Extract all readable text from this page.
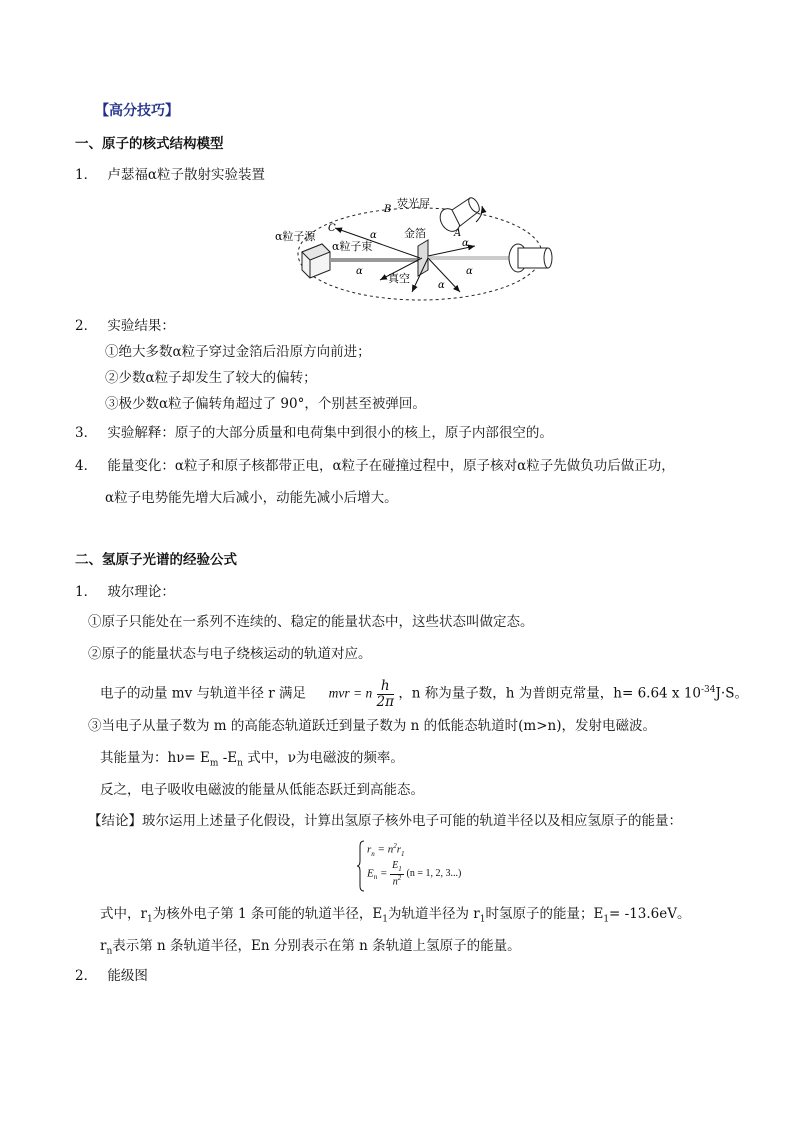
【高分技巧】
一、原子的核式结构模型
1． 卢瑟福α粒子散射实验装置
荧光屏
B
C	A
α粒子源
α粒子束
金箔
真空
α
α	α
α
α
2． 实验结果：
①绝大多数α粒子穿过金箔后沿原方向前进；
②少数α粒子却发生了较大的偏转；
③极少数α粒子偏转角超过了 90°，个别甚至被弹回。
3． 实验解释：原子的大部分质量和电荷集中到很小的核上，原子内部很空的。
4． 能量变化：α粒子和原子核都带正电，α粒子在碰撞过程中，原子核对α粒子先做负功后做正功，
α粒子电势能先增大后减小，动能先减小后增大。
二、氢原子光谱的经验公式
1． 玻尔理论：
①原子只能处在一系列不连续的、稳定的能量状态中，这些状态叫做定态。
②原子的能量状态与电子绕核运动的轨道对应。
电子的动量 mv 与轨道半径 r 满足 mvr = n $\frac{h}{2\pi}$ ，n 称为量子数，h 为普朗克常量，h= 6.64 x $10^{-34}J\cdot S$。
③当电子从量子数为 m 的高能态轨道跃迁到量子数为 n 的低能态轨道时(m>n)，发射电磁波。
其能量为：$h\nu= E_m$ $-E_n$ 式中，ν为电磁波的频率。
反之，电子吸收电磁波的能量从低能态跃迁到高能态。
【结论】玻尔运用上述量子化假设，计算出氢原子核外电子可能的轨道半径以及相应氢原子的能量：
$r_n = n^2r_1$
$E_n = \frac{E_1}{n^2} (n = 1$, 2, 3...)
式中，$r_1$为核外电子第 1 条可能的轨道半径，$E_1$为轨道半径为 $r_1$时氢原子的能量；$E_1= -13.6eV$。
$r_n$表示第 n 条轨道半径，En 分别表示在第 n 条轨道上氢原子的能量。
2． 能级图
